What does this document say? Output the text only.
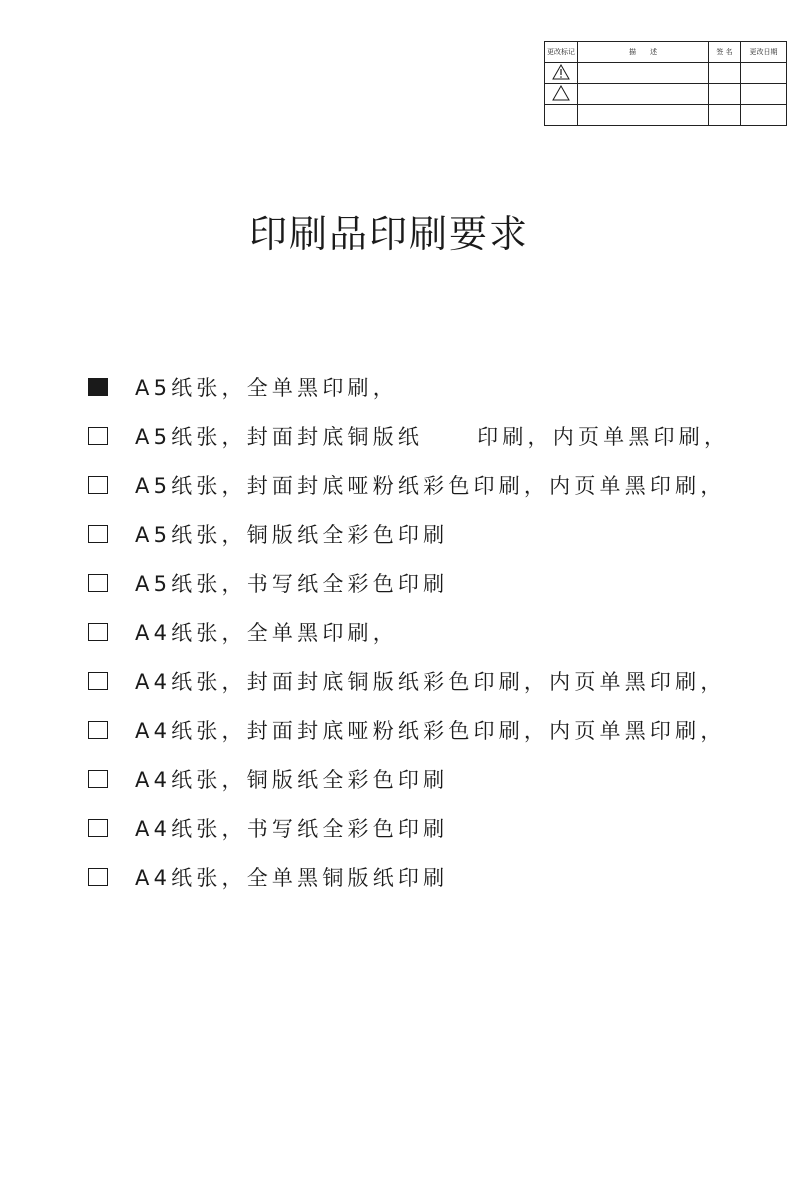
更改标记	描　　述	签 名	更改日期

印刷品印刷要求
A5纸张，全单黑印刷，
A5纸张，封面封底铜版纸	印刷，内页单黑印刷，
A5纸张，封面封底哑粉纸彩色印刷，内页单黑印刷，
A5纸张，铜版纸全彩色印刷
A5纸张，书写纸全彩色印刷
A4纸张，全单黑印刷，
A4纸张，封面封底铜版纸彩色印刷，内页单黑印刷，
A4纸张，封面封底哑粉纸彩色印刷，内页单黑印刷，
A4纸张，铜版纸全彩色印刷
A4纸张，书写纸全彩色印刷
A4纸张，全单黑铜版纸印刷
